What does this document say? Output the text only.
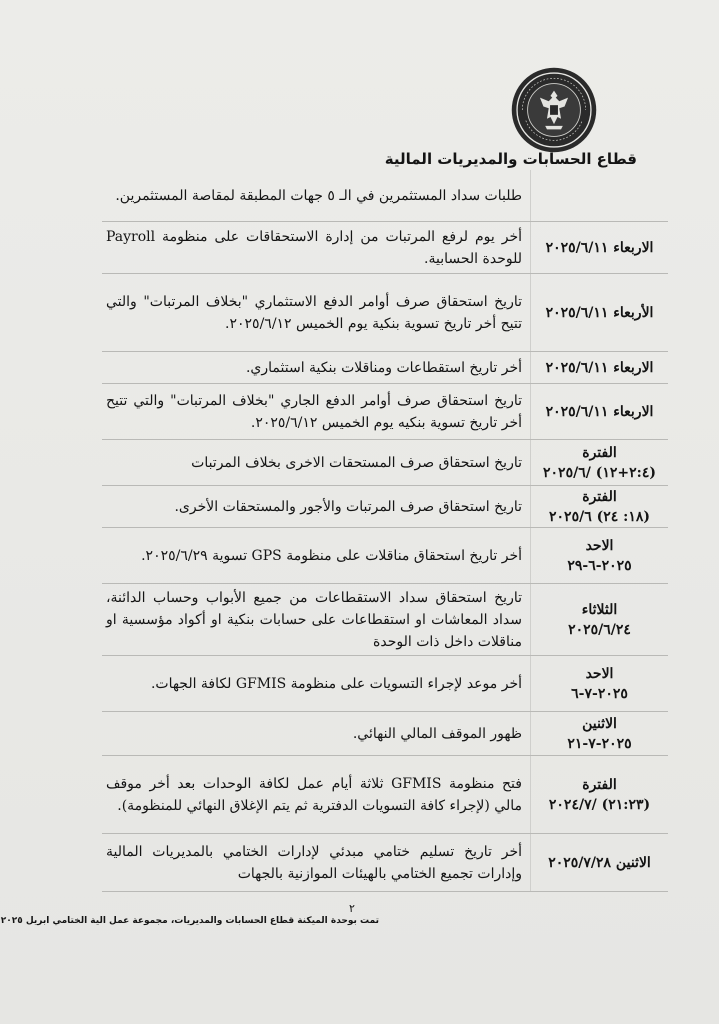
قطاع الحسابات والمديريات المالية
طلبات سداد المستثمرين في الـ ٥ جهات المطبقة لمقاصة المستثمرين.
الاربعاء ٢٠٢٥/٦/١١
أخر يوم لرفع المرتبات من إدارة الاستحقاقات على منظومة Payroll للوحدة الحسابية.
الأربعاء ٢٠٢٥/٦/١١
تاريخ استحقاق صرف أوامر الدفع الاستثماري "بخلاف المرتبات" والتي تتيح أخر تاريخ تسوية بنكية يوم الخميس ٢٠٢٥/٦/١٢.
الاربعاء ٢٠٢٥/٦/١١
أخر تاريخ استقطاعات ومناقلات بنكية استثماري.
الاربعاء ٢٠٢٥/٦/١١
تاريخ استحقاق صرف أوامر الدفع الجاري "بخلاف المرتبات" والتي تتيح أخر تاريخ تسوية بنكيه يوم الخميس ٢٠٢٥/٦/١٢.
الفترة
(٢:٤+١٢) /٢٠٢٥/٦
تاريخ استحقاق صرف المستحقات الاخرى بخلاف المرتبات
الفترة
(١٨: ٢٤) ٢٠٢٥/٦
تاريخ استحقاق صرف المرتبات والأجور والمستحقات الأخرى.
الاحد
٢٠٢٥-٦-٢٩
أخر تاريخ استحقاق مناقلات على منظومة GPS تسوية ٢٠٢٥/٦/٢٩.
الثلاثاء
٢٠٢٥/٦/٢٤
تاريخ استحقاق سداد الاستقطاعات من جميع الأبواب وحساب الدائنة، سداد المعاشات او استقطاعات على حسابات بنكية او أكواد مؤسسية او مناقلات داخل ذات الوحدة
الاحد
٢٠٢٥-٧-٦
أخر موعد لإجراء التسويات على منظومة GFMIS لكافة الجهات.
الاثنين
٢٠٢٥-٧-٢١
ظهور الموقف المالي النهائي.
الفترة
(٢١:٢٣) /٢٠٢٤/٧
فتح منظومة GFMIS ثلاثة أيام عمل لكافة الوحدات بعد أخر موقف مالي (لإجراء كافة التسويات الدفترية ثم يتم الإغلاق النهائي للمنظومة).
الاثنين ٢٠٢٥/٧/٢٨
أخر تاريخ تسليم ختامي مبدئي لإدارات الختامي بالمديريات المالية وإدارات تجميع الختامي بالهيئات الموازنية بالجهات
٢
تمت بوحدة الميكنة قطاع الحسابات والمديريات، مجموعة عمل الية الختامي ابريل ٢٠٢٥
